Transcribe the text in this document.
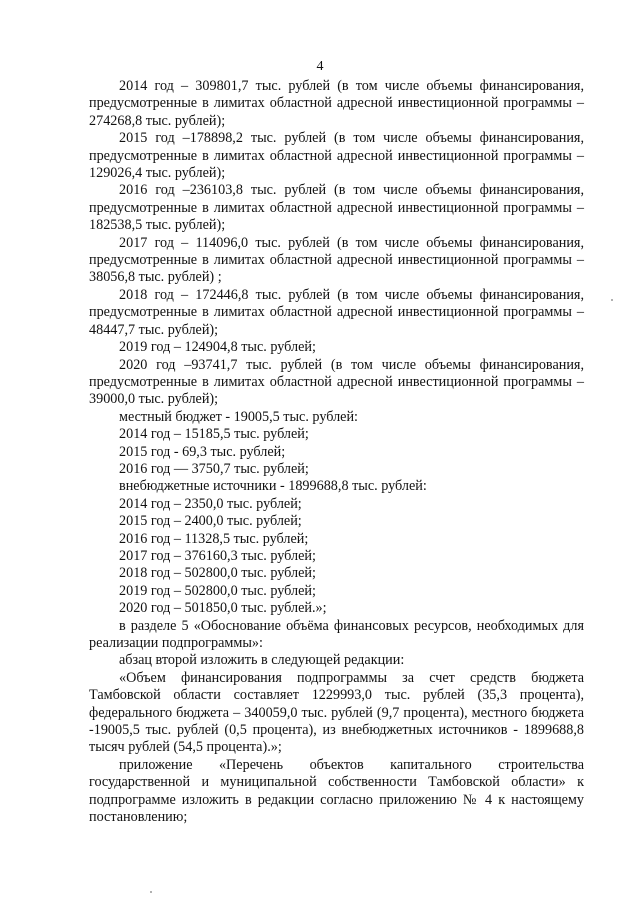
4

2014 год – 309801,7 тыс. рублей (в том числе объемы финансирования, предусмотренные в лимитах областной адресной инвестиционной программы –274268,8 тыс. рублей);

2015 год –178898,2 тыс. рублей (в том числе объемы финансирования, предусмотренные в лимитах областной адресной инвестиционной программы – 129026,4 тыс. рублей);

2016 год –236103,8 тыс. рублей (в том числе объемы финансирования, предусмотренные в лимитах областной адресной инвестиционной программы –182538,5 тыс. рублей);

2017 год – 114096,0 тыс. рублей (в том числе объемы финансирования, предусмотренные в лимитах областной адресной инвестиционной программы – 38056,8 тыс. рублей) ;

2018 год – 172446,8 тыс. рублей (в том числе объемы финансирования, предусмотренные в лимитах областной адресной инвестиционной программы – 48447,7 тыс. рублей);

2019 год – 124904,8 тыс. рублей;

2020 год –93741,7 тыс. рублей (в том числе объемы финансирования, предусмотренные в лимитах областной адресной инвестиционной программы – 39000,0 тыс. рублей);

местный бюджет - 19005,5 тыс. рублей:

2014 год – 15185,5 тыс. рублей;

2015 год - 69,3 тыс. рублей;

2016 год — 3750,7 тыс. рублей;

внебюджетные источники - 1899688,8 тыс. рублей:

2014 год – 2350,0 тыс. рублей;

2015 год – 2400,0 тыс. рублей;

2016 год – 11328,5 тыс. рублей;

2017 год – 376160,3 тыс. рублей;

2018 год – 502800,0 тыс. рублей;

2019 год – 502800,0 тыс. рублей;

2020 год – 501850,0 тыс. рублей.»;

в разделе 5 «Обоснование объёма финансовых ресурсов, необходимых для реализации подпрограммы»:

абзац второй изложить в следующей редакции:

«Объем финансирования подпрограммы за счет средств бюджета Тамбовской области составляет 1229993,0 тыс. рублей (35,3 процента), федерального бюджета – 340059,0 тыс. рублей (9,7 процента), местного бюджета -19005,5 тыс. рублей (0,5 процента), из внебюджетных источников - 1899688,8 тысяч рублей (54,5 процента).»;

приложение «Перечень объектов капитального строительства государственной и муниципальной собственности Тамбовской области» к подпрограмме изложить в редакции согласно приложению № 4 к настоящему постановлению;
